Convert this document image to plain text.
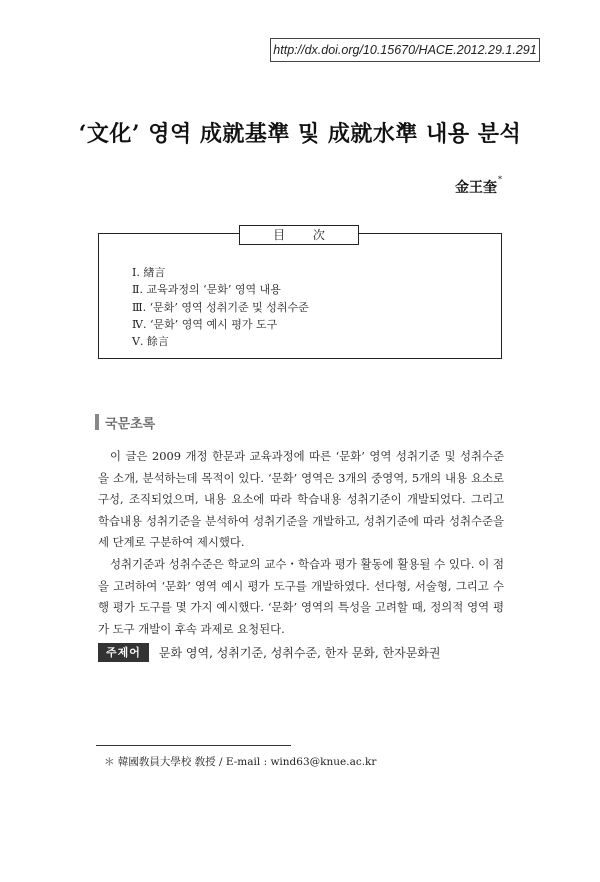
http://dx.doi.org/10.15670/HACE.2012.29.1.291
‘文化’ 영역 成就基準 및 成就水準 내용 분석
金王奎*
目 次
Ⅰ. 緖言
Ⅱ. 교육과정의 ‘문화’ 영역 내용
Ⅲ. ‘문화’ 영역 성취기준 및 성취수준
Ⅳ. ‘문화’ 영역 예시 평가 도구
Ⅴ. 餘言
국문초록

이 글은 2009 개정 한문과 교육과정에 따른 ‘문화’ 영역 성취기준 및 성취수준을 소개, 분석하는데 목적이 있다. ‘문화’ 영역은 3개의 중영역, 5개의 내용 요소로 구성, 조직되었으며, 내용 요소에 따라 학습내용 성취기준이 개발되었다. 그리고 학습내용 성취기준을 분석하여 성취기준을 개발하고, 성취기준에 따라 성취수준을 세 단계로 구분하여 제시했다.

성취기준과 성취수준은 학교의 교수・학습과 평가 활동에 활용될 수 있다. 이 점을 고려하여 ‘문화’ 영역 예시 평가 도구를 개발하였다. 선다형, 서술형, 그리고 수행 평가 도구를 몇 가지 예시했다. ‘문화’ 영역의 특성을 고려할 때, 정의적 영역 평가 도구 개발이 후속 과제로 요청된다.

주제어	문화 영역, 성취기준, 성취수준, 한자 문화, 한자문화권
＊ 韓國敎員大學校 敎授 / E-mail : wind63@knue.ac.kr
